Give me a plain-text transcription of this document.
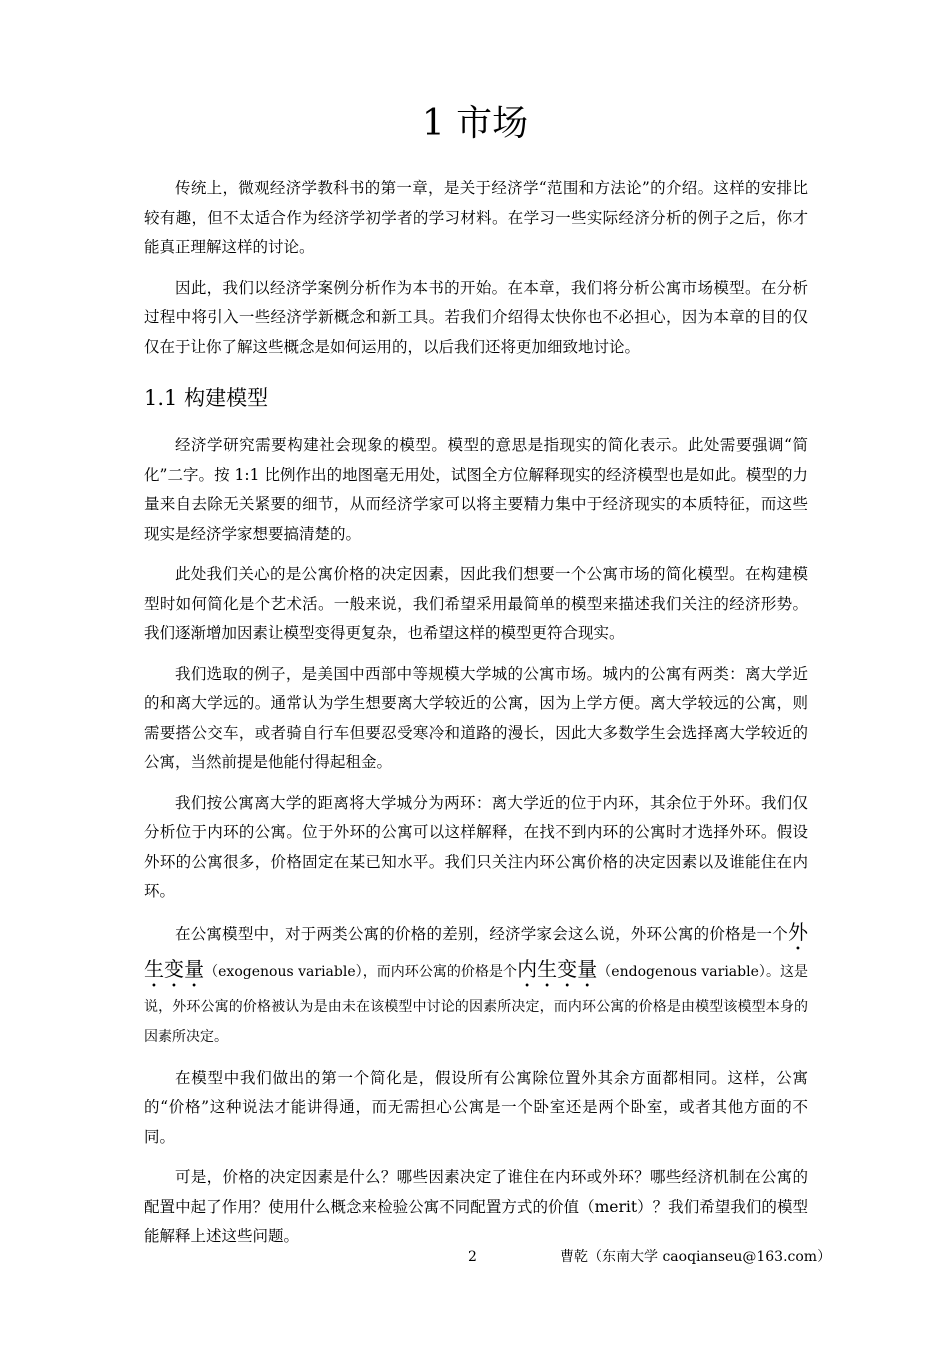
1 市场

传统上，微观经济学教科书的第一章，是关于经济学“范围和方法论”的介绍。这样的安排比较有趣，但不太适合作为经济学初学者的学习材料。在学习一些实际经济分析的例子之后，你才能真正理解这样的讨论。

因此，我们以经济学案例分析作为本书的开始。在本章，我们将分析公寓市场模型。在分析过程中将引入一些经济学新概念和新工具。若我们介绍得太快你也不必担心，因为本章的目的仅仅在于让你了解这些概念是如何运用的，以后我们还将更加细致地讨论。

1.1 构建模型

经济学研究需要构建社会现象的模型。模型的意思是指现实的简化表示。此处需要强调“简化”二字。按 1:1 比例作出的地图毫无用处，试图全方位解释现实的经济模型也是如此。模型的力量来自去除无关紧要的细节，从而经济学家可以将主要精力集中于经济现实的本质特征，而这些现实是经济学家想要搞清楚的。

此处我们关心的是公寓价格的决定因素，因此我们想要一个公寓市场的简化模型。在构建模型时如何简化是个艺术活。一般来说，我们希望采用最简单的模型来描述我们关注的经济形势。我们逐渐增加因素让模型变得更复杂，也希望这样的模型更符合现实。

我们选取的例子，是美国中西部中等规模大学城的公寓市场。城内的公寓有两类：离大学近的和离大学远的。通常认为学生想要离大学较近的公寓，因为上学方便。离大学较远的公寓，则需要搭公交车，或者骑自行车但要忍受寒冷和道路的漫长，因此大多数学生会选择离大学较近的公寓，当然前提是他能付得起租金。

我们按公寓离大学的距离将大学城分为两环：离大学近的位于内环，其余位于外环。我们仅分析位于内环的公寓。位于外环的公寓可以这样解释，在找不到内环的公寓时才选择外环。假设外环的公寓很多，价格固定在某已知水平。我们只关注内环公寓价格的决定因素以及谁能住在内环。

在公寓模型中，对于两类公寓的价格的差别，经济学家会这么说，外环公寓的价格是一个外生变量（exogenous variable），而内环公寓的价格是个内生变量（endogenous variable）。这是说，外环公寓的价格被认为是由未在该模型中讨论的因素所决定，而内环公寓的价格是由模型该模型本身的因素所决定。

在模型中我们做出的第一个简化是，假设所有公寓除位置外其余方面都相同。这样，公寓的“价格”这种说法才能讲得通，而无需担心公寓是一个卧室还是两个卧室，或者其他方面的不同。

可是，价格的决定因素是什么？哪些因素决定了谁住在内环或外环？哪些经济机制在公寓的配置中起了作用？使用什么概念来检验公寓不同配置方式的价值（merit）？我们希望我们的模型能解释上述这些问题。

2	曹乾（东南大学 caoqianseu@163.com）
